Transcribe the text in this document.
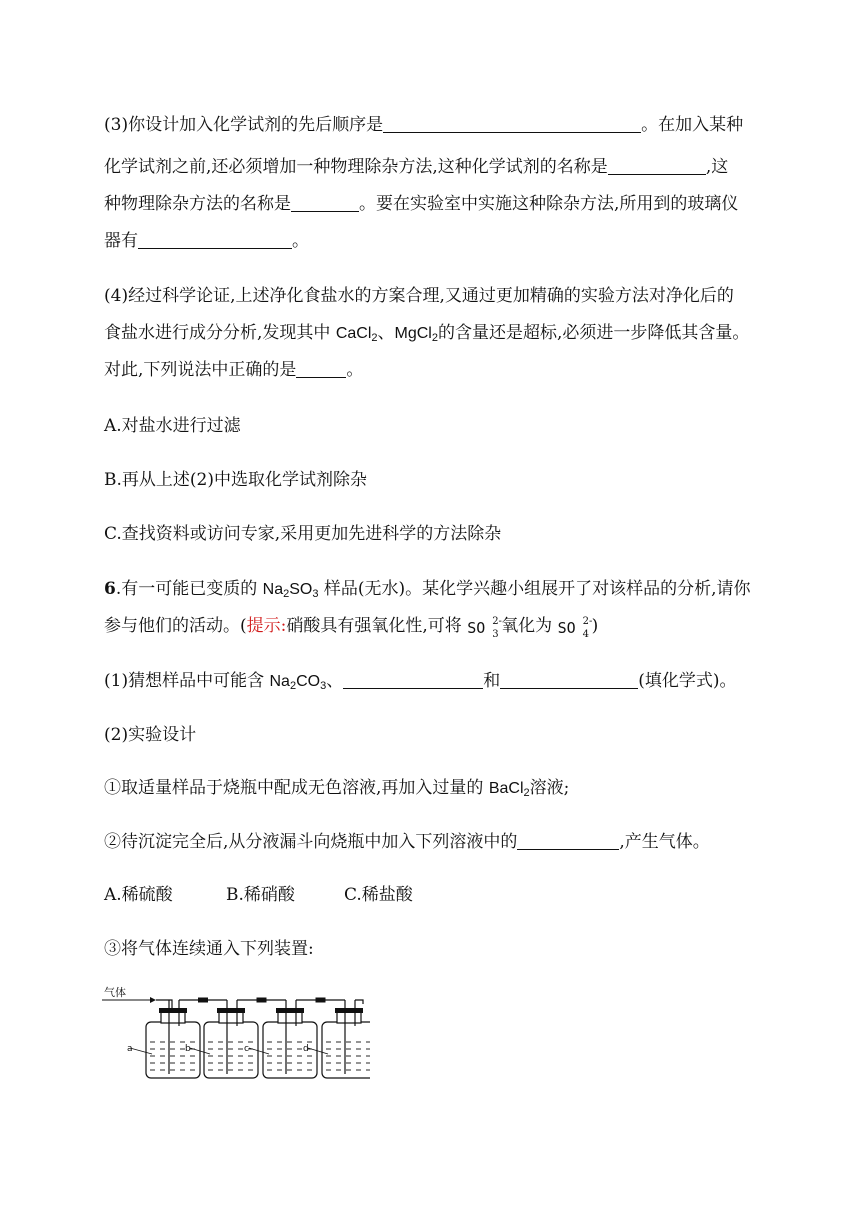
(3)你设计加入化学试剂的先后顺序是	。在加入某种
化学试剂之前,还必须增加一种物理除杂方法,这种化学试剂的名称是	,这
种物理除杂方法的名称是	。要在实验室中实施这种除杂方法,所用到的玻璃仪
器有	。
(4)经过科学论证,上述净化食盐水的方案合理,又通过更加精确的实验方法对净化后的
食盐水进行成分分析,发现其中 CaCl$_2$、MgCl$_2$的含量还是超标,必须进一步降低其含量。
对此,下列说法中正确的是	。
A.对盐水进行过滤
B.再从上述(2)中选取化学试剂除杂
C.查找资料或访问专家,采用更加先进科学的方法除杂
6.有一可能已变质的 $Na_2SO_3$ 样品(无水)。某化学兴趣小组展开了对该样品的分析,请你
参与他们的活动。(提示:硝酸具有强氧化性,可将 SO 2-
3 氧化为 SO 2-
4 )
(1)猜想样品中可能含 $Na_2CO_3$、	和	(填化学式)。
(2)实验设计
①取适量样品于烧瓶中配成无色溶液,再加入过量的 BaCl$_2$溶液;
②待沉淀完全后,从分液漏斗向烧瓶中加入下列溶液中的	,产生气体。
A.稀硫酸	B.稀硝酸	C.稀盐酸
③将气体连续通入下列装置:
气体
a	b	c	d
